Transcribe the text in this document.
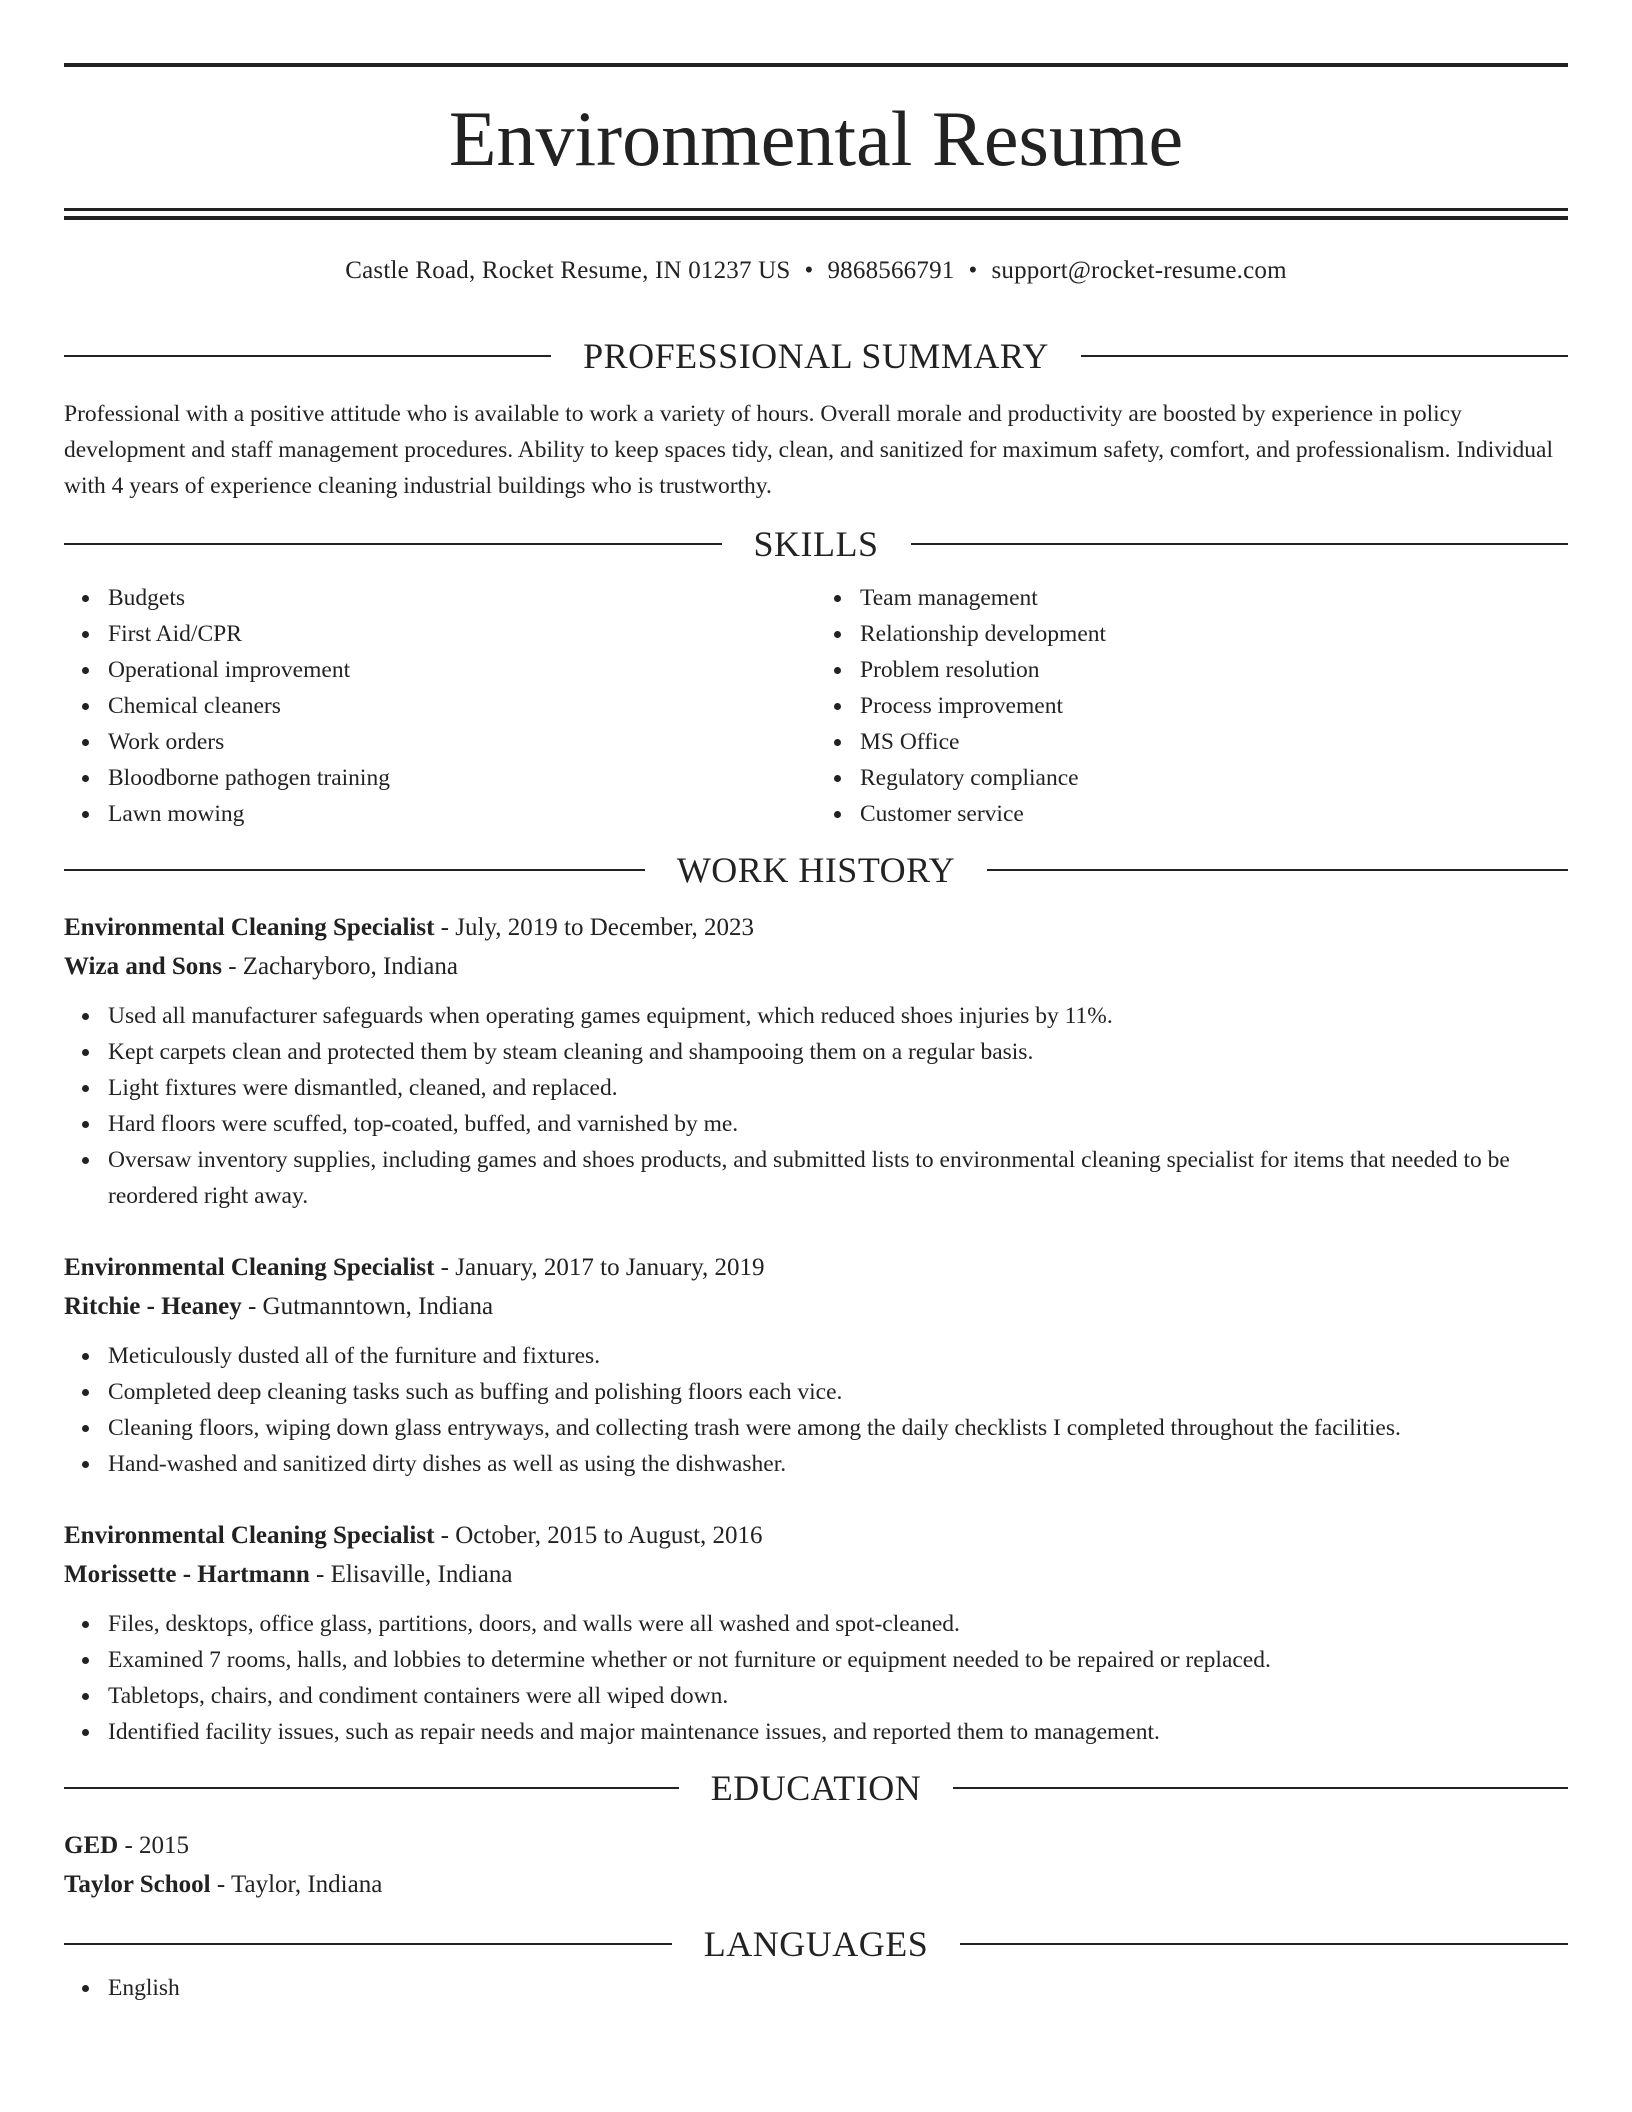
Environmental Resume
Castle Road, Rocket Resume, IN 01237 US • 9868566791 • support@rocket-resume.com
PROFESSIONAL SUMMARY

Professional with a positive attitude who is available to work a variety of hours. Overall morale and productivity are boosted by experience in policy development and staff management procedures. Ability to keep spaces tidy, clean, and sanitized for maximum safety, comfort, and professionalism. Individual with 4 years of experience cleaning industrial buildings who is trustworthy.

SKILLS
Budgets
First Aid/CPR
Operational improvement
Chemical cleaners
Work orders
Bloodborne pathogen training
Lawn mowing
Team management
Relationship development
Problem resolution
Process improvement
MS Office
Regulatory compliance
Customer service
WORK HISTORY
Environmental Cleaning Specialist - July, 2019 to December, 2023
Wiza and Sons - Zacharyboro, Indiana
Used all manufacturer safeguards when operating games equipment, which reduced shoes injuries by 11%.
Kept carpets clean and protected them by steam cleaning and shampooing them on a regular basis.
Light fixtures were dismantled, cleaned, and replaced.
Hard floors were scuffed, top-coated, buffed, and varnished by me.
Oversaw inventory supplies, including games and shoes products, and submitted lists to environmental cleaning specialist for items that needed to be reordered right away.
Environmental Cleaning Specialist - January, 2017 to January, 2019
Ritchie - Heaney - Gutmanntown, Indiana
Meticulously dusted all of the furniture and fixtures.
Completed deep cleaning tasks such as buffing and polishing floors each vice.
Cleaning floors, wiping down glass entryways, and collecting trash were among the daily checklists I completed throughout the facilities.
Hand-washed and sanitized dirty dishes as well as using the dishwasher.
Environmental Cleaning Specialist - October, 2015 to August, 2016
Morissette - Hartmann - Elisaville, Indiana
Files, desktops, office glass, partitions, doors, and walls were all washed and spot-cleaned.
Examined 7 rooms, halls, and lobbies to determine whether or not furniture or equipment needed to be repaired or replaced.
Tabletops, chairs, and condiment containers were all wiped down.
Identified facility issues, such as repair needs and major maintenance issues, and reported them to management.
EDUCATION
GED - 2015
Taylor School - Taylor, Indiana
LANGUAGES
English
